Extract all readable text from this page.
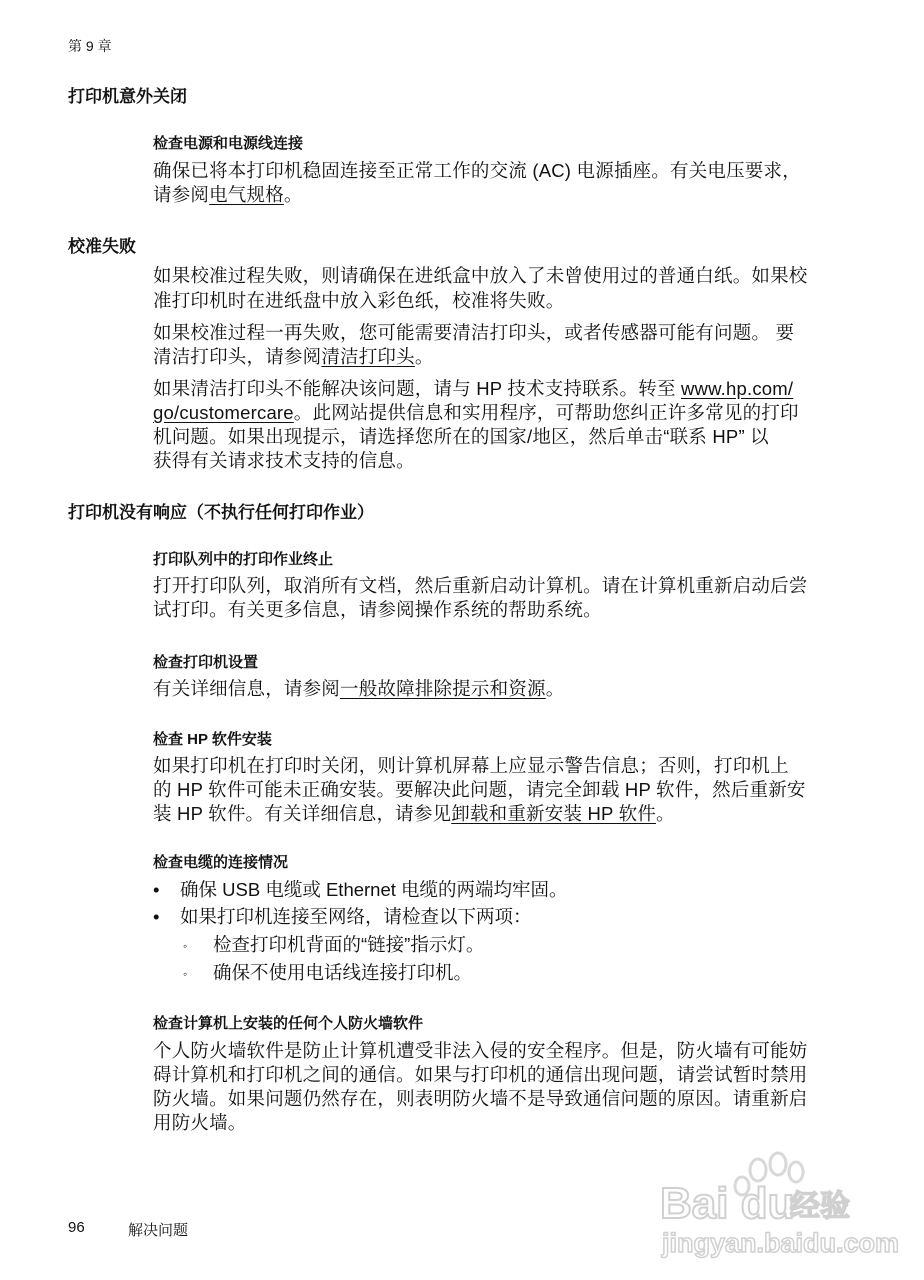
第 9 章
打印机意外关闭
检查电源和电源线连接
确保已将本打印机稳固连接至正常工作的交流 (AC) 电源插座。有关电压要求，
请参阅电气规格。
校准失败
如果校准过程失败，则请确保在进纸盒中放入了未曾使用过的普通白纸。如果校
准打印机时在进纸盘中放入彩色纸，校准将失败。
如果校准过程一再失败，您可能需要清洁打印头，或者传感器可能有问题。 要
清洁打印头，请参阅清洁打印头。
如果清洁打印头不能解决该问题，请与 HP 技术支持联系。转至 www.hp.com/
go/customercare。此网站提供信息和实用程序，可帮助您纠正许多常见的打印
机问题。如果出现提示，请选择您所在的国家/地区，然后单击“联系 HP” 以
获得有关请求技术支持的信息。
打印机没有响应（不执行任何打印作业）
打印队列中的打印作业终止
打开打印队列，取消所有文档，然后重新启动计算机。请在计算机重新启动后尝
试打印。有关更多信息，请参阅操作系统的帮助系统。
检查打印机设置
有关详细信息，请参阅一般故障排除提示和资源。
检查 HP 软件安装
如果打印机在打印时关闭，则计算机屏幕上应显示警告信息；否则，打印机上
的 HP 软件可能未正确安装。要解决此问题，请完全卸载 HP 软件，然后重新安
装 HP 软件。有关详细信息，请参见卸载和重新安装 HP 软件。
检查电缆的连接情况
• 确保 USB 电缆或 Ethernet 电缆的两端均牢固。
• 如果打印机连接至网络，请检查以下两项：
◦ 检查打印机背面的“链接”指示灯。
◦ 确保不使用电话线连接打印机。
检查计算机上安装的任何个人防火墙软件
个人防火墙软件是防止计算机遭受非法入侵的安全程序。但是，防火墙有可能妨
碍计算机和打印机之间的通信。如果与打印机的通信出现问题，请尝试暂时禁用
防火墙。如果问题仍然存在，则表明防火墙不是导致通信问题的原因。请重新启
用防火墙。
96	解决问题
Bai du
经验
jingyan.baidu.com
